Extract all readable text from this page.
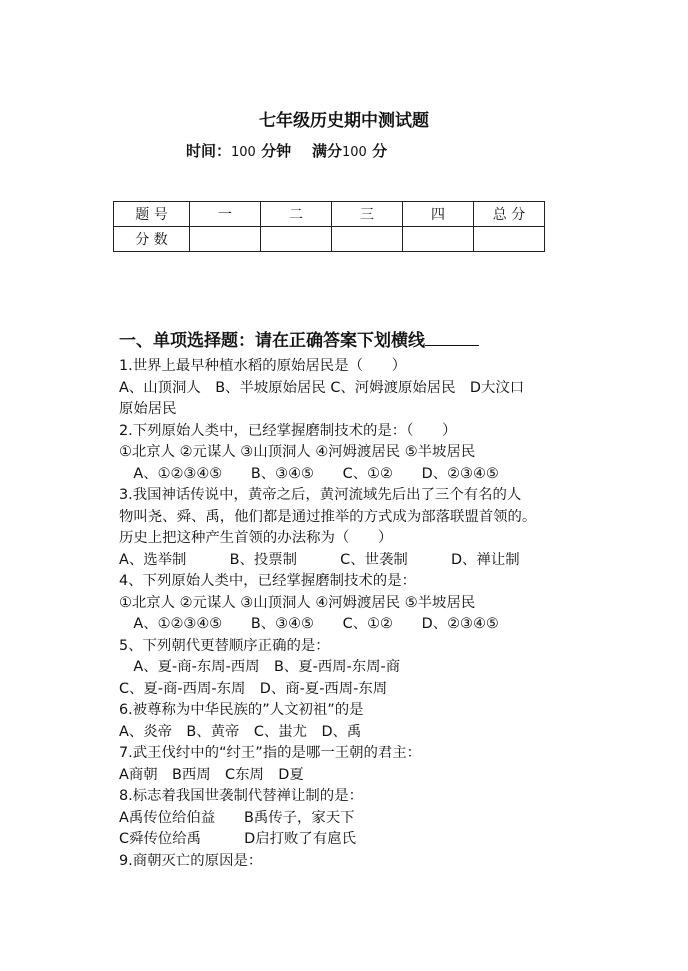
七年级历史期中测试题
时间：100 分钟 满分100 分
题 号	一	二	三	四	总 分
分 数					
一、单项选择题：请在正确答案下划横线
1.世界上最早种植水稻的原始居民是（　　）
A、山顶洞人　B、半坡原始居民 C、河姆渡原始居民　D大汶口
原始居民
2.下列原始人类中，已经掌握磨制技术的是：（　　）
①北京人 ②元谋人 ③山顶洞人 ④河姆渡居民 ⑤半坡居民
　A、①②③④⑤　　B、③④⑤　　C、①②　　D、②③④⑤
3.我国神话传说中，黄帝之后，黄河流域先后出了三个有名的人
物叫尧、舜、禹，他们都是通过推举的方式成为部落联盟首领的。
历史上把这种产生首领的办法称为（　　）
A、选举制　　　B、投票制　　　C、世袭制　　　D、禅让制
4、下列原始人类中，已经掌握磨制技术的是：
①北京人 ②元谋人 ③山顶洞人 ④河姆渡居民 ⑤半坡居民
　A、①②③④⑤　　B、③④⑤　　C、①②　　D、②③④⑤
5、下列朝代更替顺序正确的是：
　A、夏-商-东周-西周　B、夏-西周-东周-商
C、夏-商-西周-东周　D、商-夏-西周-东周
6.被尊称为中华民族的”人文初祖”的是
A、炎帝　B、黄帝　C、蚩尤　D、禹
7.武王伐纣中的“纣王”指的是哪一王朝的君主：
A商朝　B西周　C东周　D夏
8.标志着我国世袭制代替禅让制的是：
A禹传位给伯益　　B禹传子，家天下
C舜传位给禹　　　D启打败了有扈氏
9.商朝灭亡的原因是：
